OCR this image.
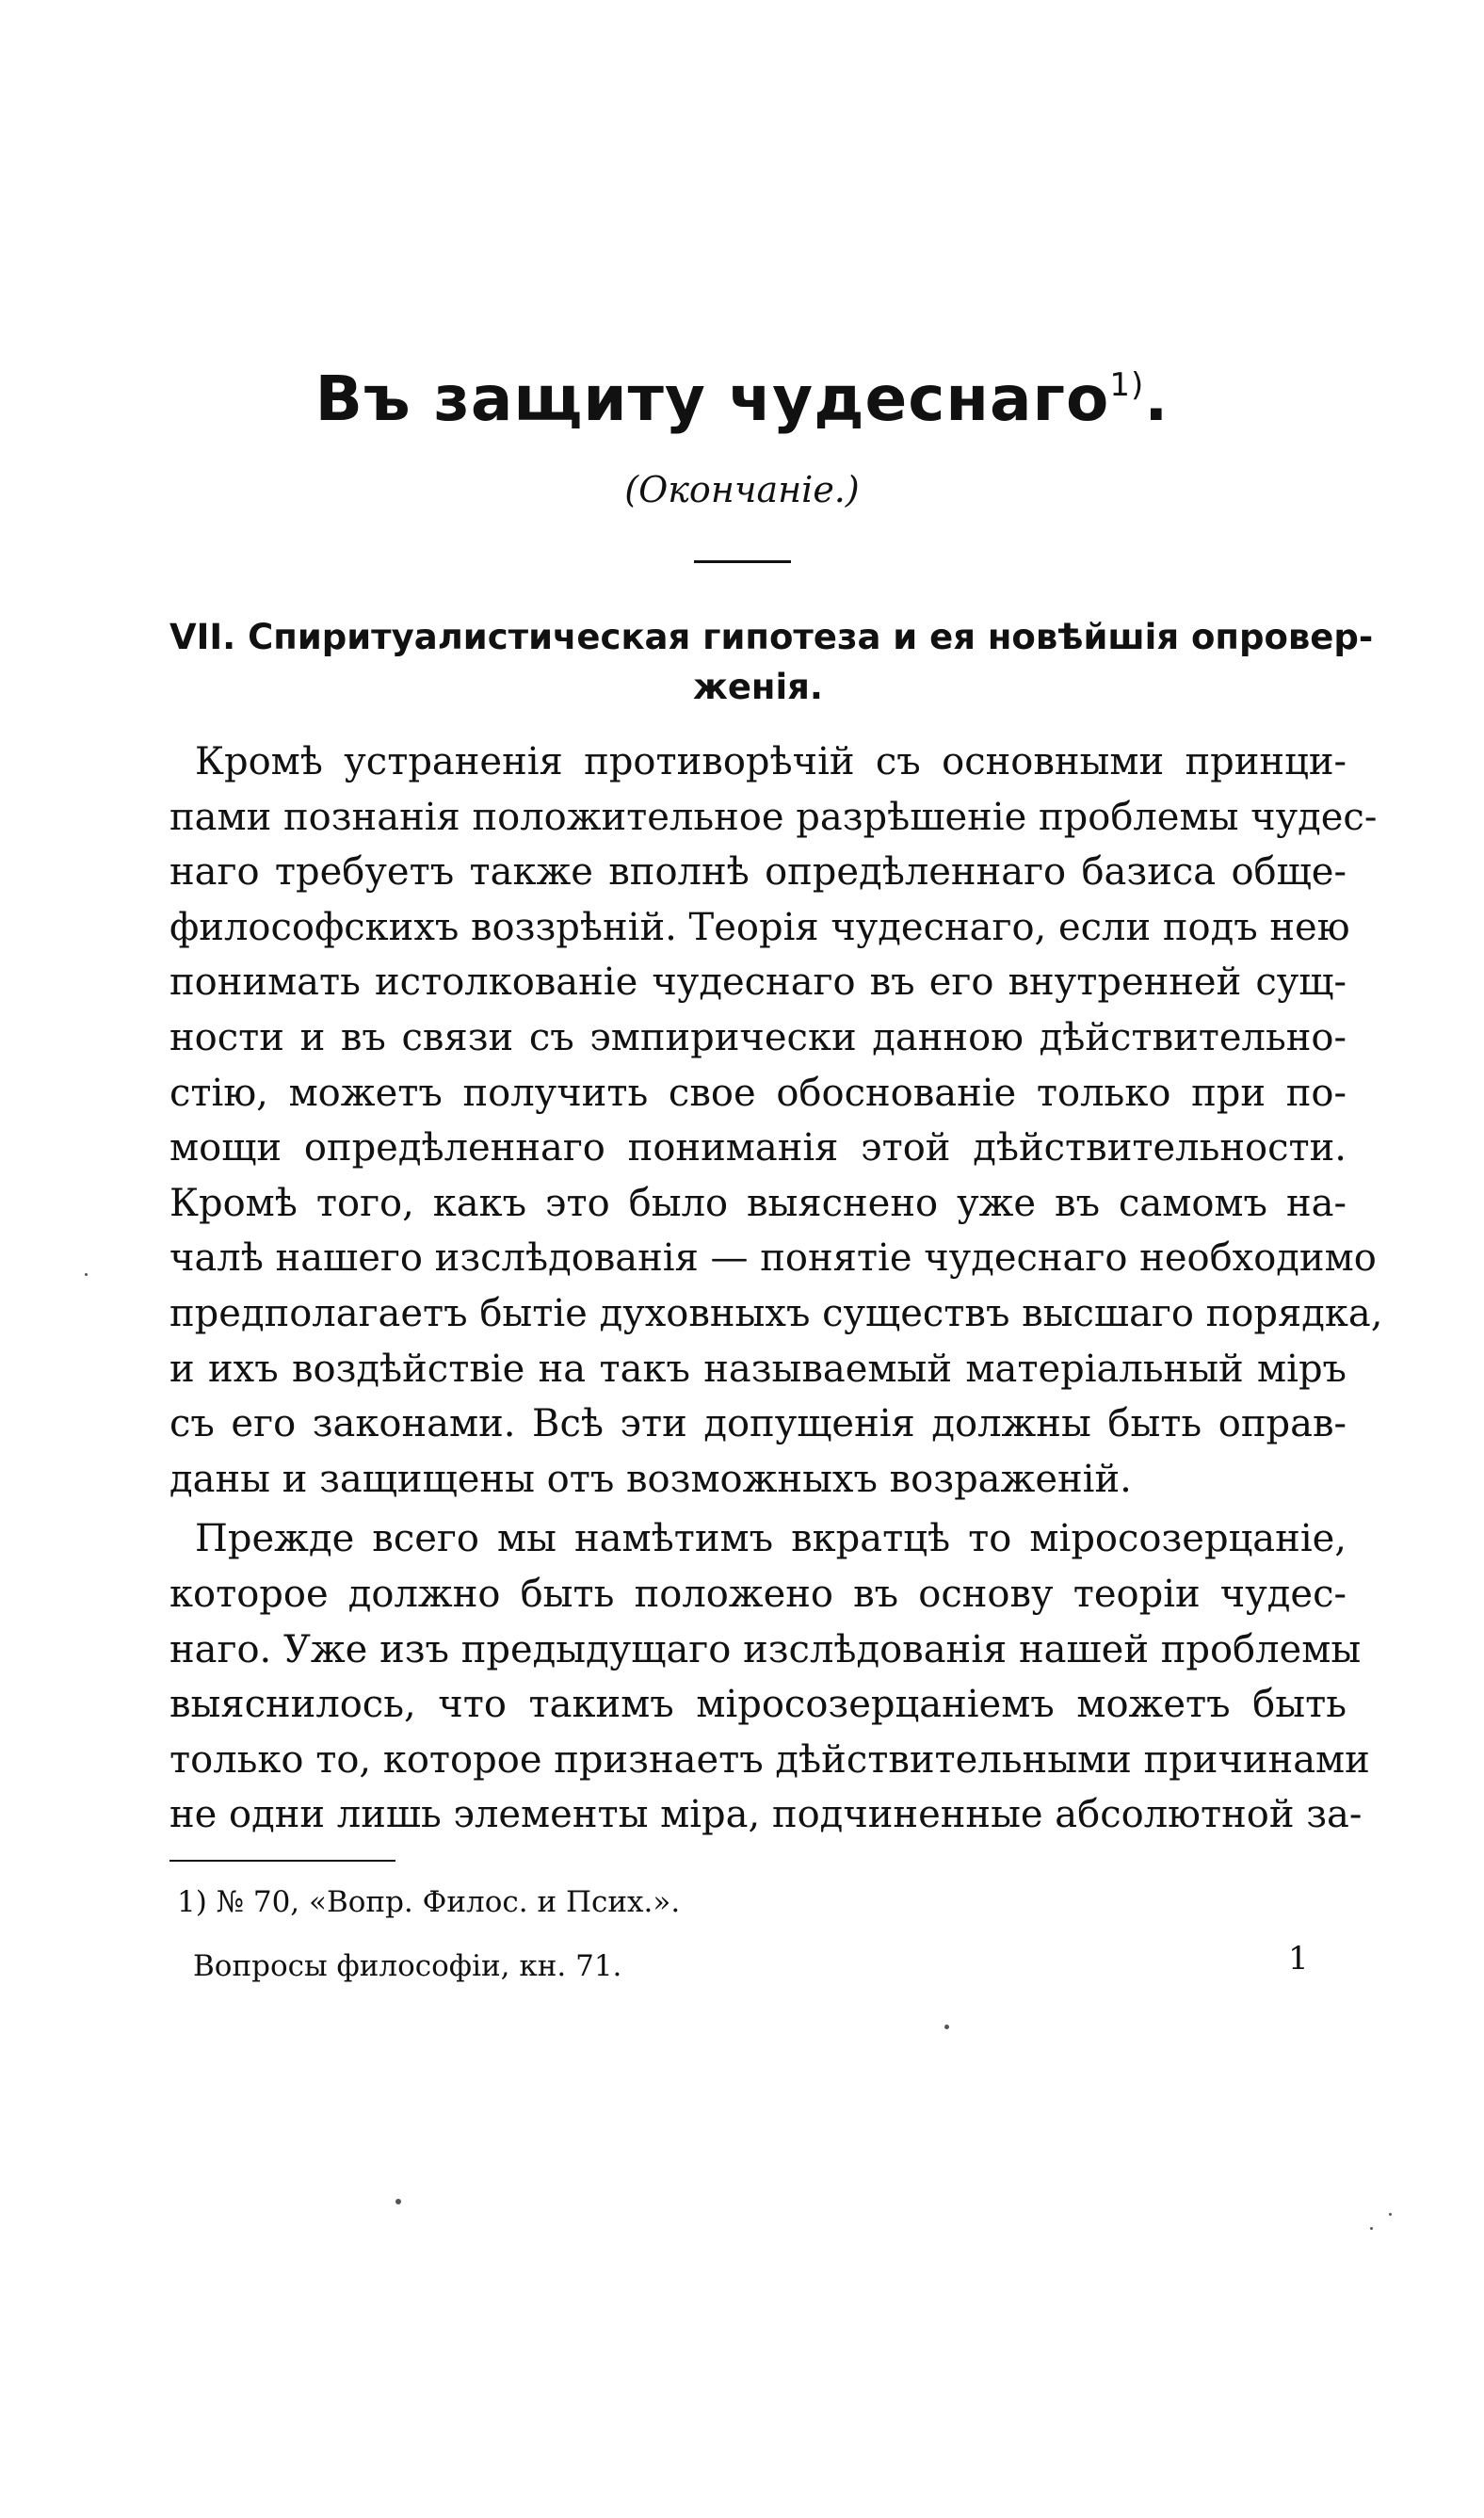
Въ защиту чудеснаго$^{1)}$.
(Окончаніе.)
VII. Спиритуалистическая гипотеза и ея новѣйшія опровер-
женія.
Кромѣ устраненія противорѣчій съ основными принци-
пами познанія положительное разрѣшеніе проблемы чудес-
наго требуетъ также вполнѣ опредѣленнаго базиса обще-
философскихъ воззрѣній. Теорія чудеснаго, если подъ нею
понимать истолкованіе чудеснаго въ его внутренней сущ-
ности и въ связи съ эмпирически данною дѣйствительно-
стію, можетъ получить свое обоснованіе только при по-
мощи опредѣленнаго пониманія этой дѣйствительности.
Кромѣ того, какъ это было выяснено уже въ самомъ на-
чалѣ нашего изслѣдованія — понятіе чудеснаго необходимо
предполагаетъ бытіе духовныхъ существъ высшаго порядка,
и ихъ воздѣйствіе на такъ называемый матеріальный міръ
съ его законами. Всѣ эти допущенія должны быть оправ-
даны и защищены отъ возможныхъ возраженій.
Прежде всего мы намѣтимъ вкратцѣ то міросозерцаніе,
которое должно быть положено въ основу теоріи чудес-
наго. Уже изъ предыдущаго изслѣдованія нашей проблемы
выяснилось, что такимъ міросозерцаніемъ можетъ быть
только то, которое признаетъ дѣйствительными причинами
не одни лишь элементы міра, подчиненные абсолютной за-
1) № 70, «Вопр. Филос. и Псих.».
Вопросы философіи, кн. 71.	1
